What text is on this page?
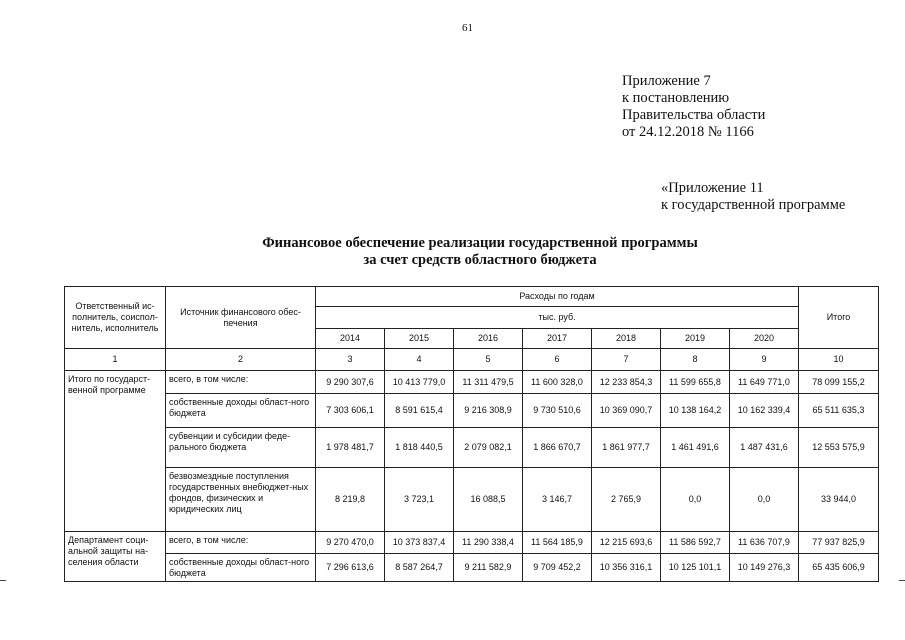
61
Приложение 7
к постановлению
Правительства области
от 24.12.2018 № 1166
«Приложение 11
к государственной программе
Финансовое обеспечение реализации государственной программы
за счет средств областного бюджета
Ответственный ис-полнитель, соиспол-нитель, исполнитель	Источник финансового обес-печения	Расходы по годам							Итого
		тыс. руб.							
		2014	2015	2016	2017	2018	2019	2020	
1	2	3	4	5	6	7	8	9	10
Итого по государст-венной программе	всего, в том числе:	9 290 307,6	10 413 779,0	11 311 479,5	11 600 328,0	12 233 854,3	11 599 655,8	11 649 771,0	78 099 155,2
	собственные доходы област-ного бюджета	7 303 606,1	8 591 615,4	9 216 308,9	9 730 510,6	10 369 090,7	10 138 164,2	10 162 339,4	65 511 635,3
	субвенции и субсидии феде-рального бюджета	1 978 481,7	1 818 440,5	2 079 082,1	1 866 670,7	1 861 977,7	1 461 491,6	1 487 431,6	12 553 575,9
	безвозмездные поступления государственных внебюджет-ных фондов, физических и юридических лиц	8 219,8	3 723,1	16 088,5	3 146,7	2 765,9	0,0	0,0	33 944,0
Департамент соци-альной защиты на-селения области	всего, в том числе:	9 270 470,0	10 373 837,4	11 290 338,4	11 564 185,9	12 215 693,6	11 586 592,7	11 636 707,9	77 937 825,9
	собственные доходы област-ного бюджета	7 296 613,6	8 587 264,7	9 211 582,9	9 709 452,2	10 356 316,1	10 125 101,1	10 149 276,3	65 435 606,9
